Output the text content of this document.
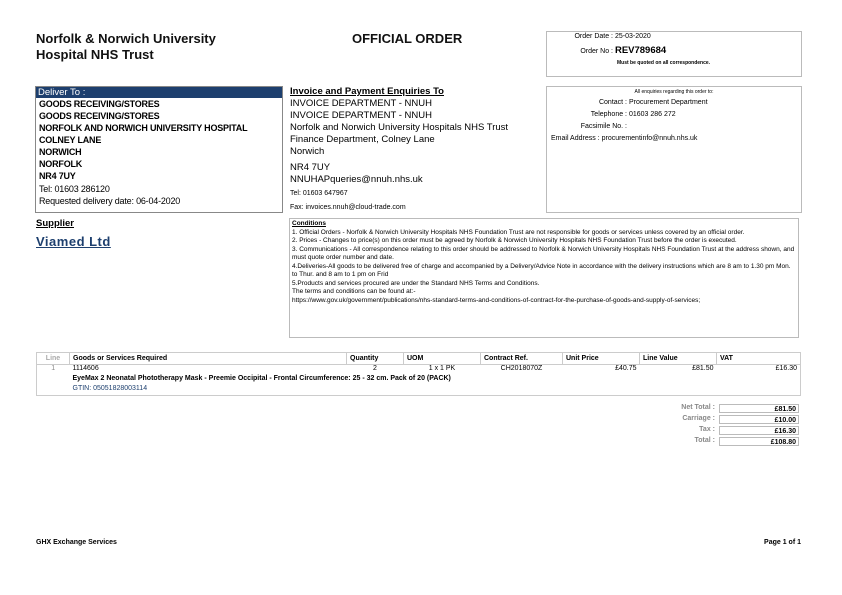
Norfolk & Norwich University
Hospital NHS Trust
OFFICIAL ORDER	Order Date : 25-03-2020
Order No : REV789684
Must be quoted on all correspondence.
Deliver To :
GOODS RECEIVING/STORES
GOODS RECEIVING/STORES
NORFOLK AND NORWICH UNIVERSITY HOSPITAL
COLNEY LANE
NORWICH
NORFOLK
NR4 7UY
Tel: 01603 286120
Requested delivery date: 06-04-2020
Invoice and Payment Enquiries To
INVOICE DEPARTMENT - NNUH
INVOICE DEPARTMENT - NNUH
Norfolk and Norwich University Hospitals NHS Trust
Finance Department, Colney Lane
Norwich
NR4 7UY
NNUHAPqueries@nnuh.nhs.uk
Tel: 01603 647967
Fax: invoices.nnuh@cloud-trade.com
All enquiries regarding this order to:
Contact : Procurement Department
Telephone : 01603 286 272
Facsimile No. :
Email Address : procurementinfo@nnuh.nhs.uk
Supplier
Viamed Ltd
Conditions
1. Official Orders - Norfolk & Norwich University Hospitals NHS Foundation Trust are not responsible for goods or services unless covered by an official order.
2. Prices - Changes to price(s) on this order must be agreed by Norfolk & Norwich University Hospitals NHS Foundation Trust before the order is executed.
3. Communications - All correspondence relating to this order should be addressed to Norfolk & Norwich University Hospitals NHS Foundation Trust at the address shown, and must quote order number and date.
4.Deliveries-All goods to be delivered free of charge and accompanied by a Delivery/Advice Note in accordance with the delivery instructions which are 8 am to 1.30 pm Mon. to Thur. and 8 am to 1 pm on Frid
5.Products and services procured are under the Standard NHS Terms and Conditions.
The terms and conditions can be found at:-
https://www.gov.uk/government/publications/nhs-standard-terms-and-conditions-of-contract-for-the-purchase-of-goods-and-supply-of-services;
Line	Goods or Services Required	Quantity	UOM	Contract Ref.	Unit Price	Line Value	VAT
1	1114606	2	1 x 1 PK	CH2018070Z	£40.75	£81.50	£16.30
	EyeMax 2 Neonatal Phototherapy Mask - Preemie Occipital - Frontal Circumference: 25 - 32 cm. Pack of 20 (PACK)						
	GTIN: 05051828003114						
Net Total :	£81.50
Carriage :	£10.00
Tax :	£16.30
Total :	£108.80
GHX Exchange Services	Page 1 of 1
